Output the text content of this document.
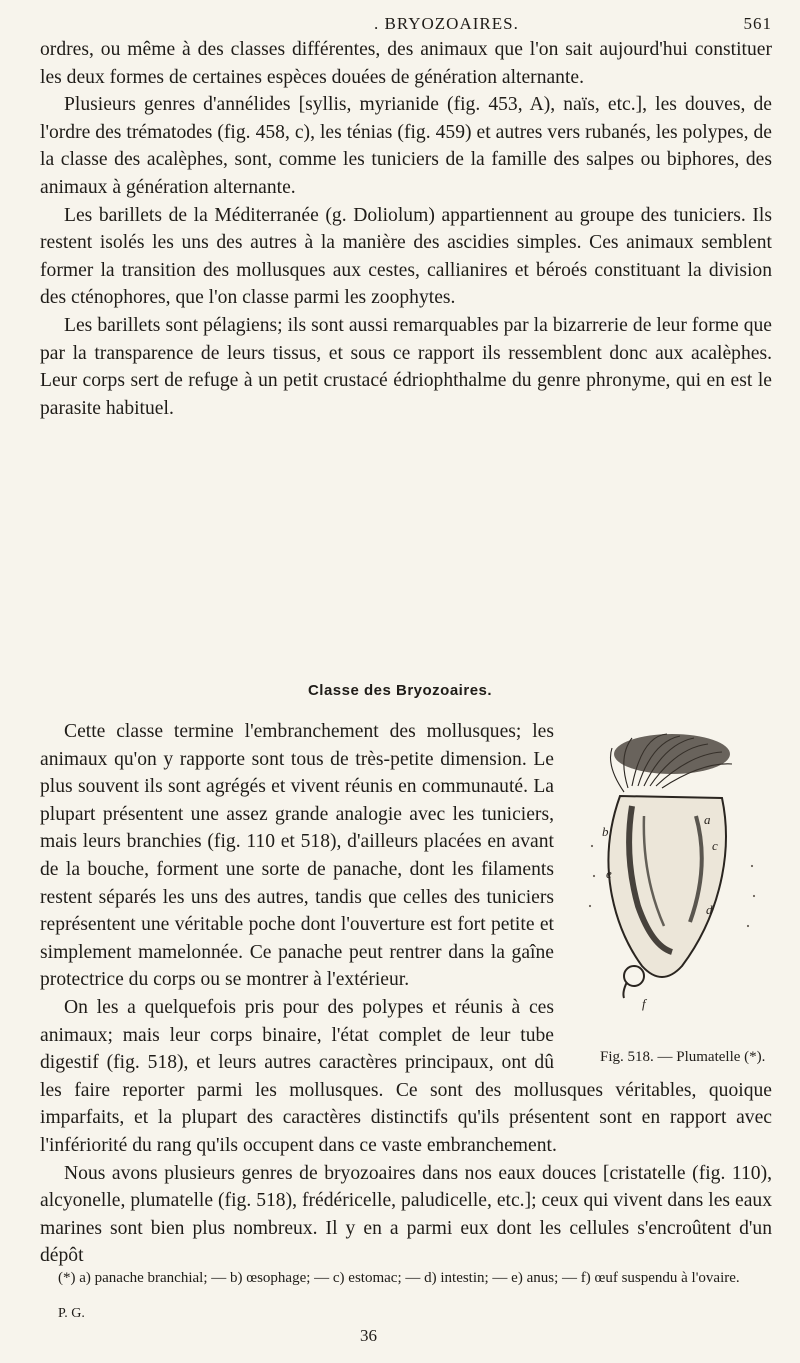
. BRYOZOAIRES.	561

ordres, ou même à des classes différentes, des animaux que l'on sait aujourd'hui constituer les deux formes de certaines espèces douées de génération alternante.

Plusieurs genres d'annélides [syllis, myrianide (fig. 453, A), naïs, etc.], les douves, de l'ordre des trématodes (fig. 458, c), les ténias (fig. 459) et autres vers rubanés, les polypes, de la classe des acalèphes, sont, comme les tuniciers de la famille des salpes ou biphores, des animaux à génération alternante.

Les barillets de la Méditerranée (g. Doliolum) appartiennent au groupe des tuniciers. Ils restent isolés les uns des autres à la manière des ascidies simples. Ces animaux semblent former la transition des mollusques aux cestes, callianires et béroés constituant la division des cténophores, que l'on classe parmi les zoophytes.

Les barillets sont pélagiens; ils sont aussi remarquables par la bizarrerie de leur forme que par la transparence de leurs tissus, et sous ce rapport ils ressemblent donc aux acalèphes. Leur corps sert de refuge à un petit crustacé édriophthalme du genre phronyme, qui en est le parasite habituel.

Classe des Bryozoaires.

a
b
c
d
e
f
Fig. 518. — Plumatelle (*).
Cette classe termine l'embranchement des mollusques; les animaux qu'on y rapporte sont tous de très-petite dimension. Le plus souvent ils sont agrégés et vivent réunis en communauté. La plupart présentent une assez grande analogie avec les tuniciers, mais leurs branchies (fig. 110 et 518), d'ailleurs placées en avant de la bouche, forment une sorte de panache, dont les filaments restent séparés les uns des autres, tandis que celles des tuniciers représentent une véritable poche dont l'ouverture est fort petite et simplement mamelonnée. Ce panache peut rentrer dans la gaîne protectrice du corps ou se montrer à l'extérieur.

On les a quelquefois pris pour des polypes et réunis à ces animaux; mais leur corps binaire, l'état complet de leur tube digestif (fig. 518), et leurs autres caractères principaux, ont dû les faire reporter parmi les mollusques. Ce sont des mollusques véritables, quoique imparfaits, et la plupart des caractères distinctifs qu'ils présentent sont en rapport avec l'infériorité du rang qu'ils occupent dans ce vaste embranchement.

Nous avons plusieurs genres de bryozoaires dans nos eaux douces [cristatelle (fig. 110), alcyonelle, plumatelle (fig. 518), frédéricelle, paludicelle, etc.]; ceux qui vivent dans les eaux marines sont bien plus nombreux. Il y en a parmi eux dont les cellules s'encroûtent d'un dépôt

(*) a) panache branchial; — b) œsophage; — c) estomac; — d) intestin; — e) anus; — f) œuf suspendu à l'ovaire.
P. G.
36
